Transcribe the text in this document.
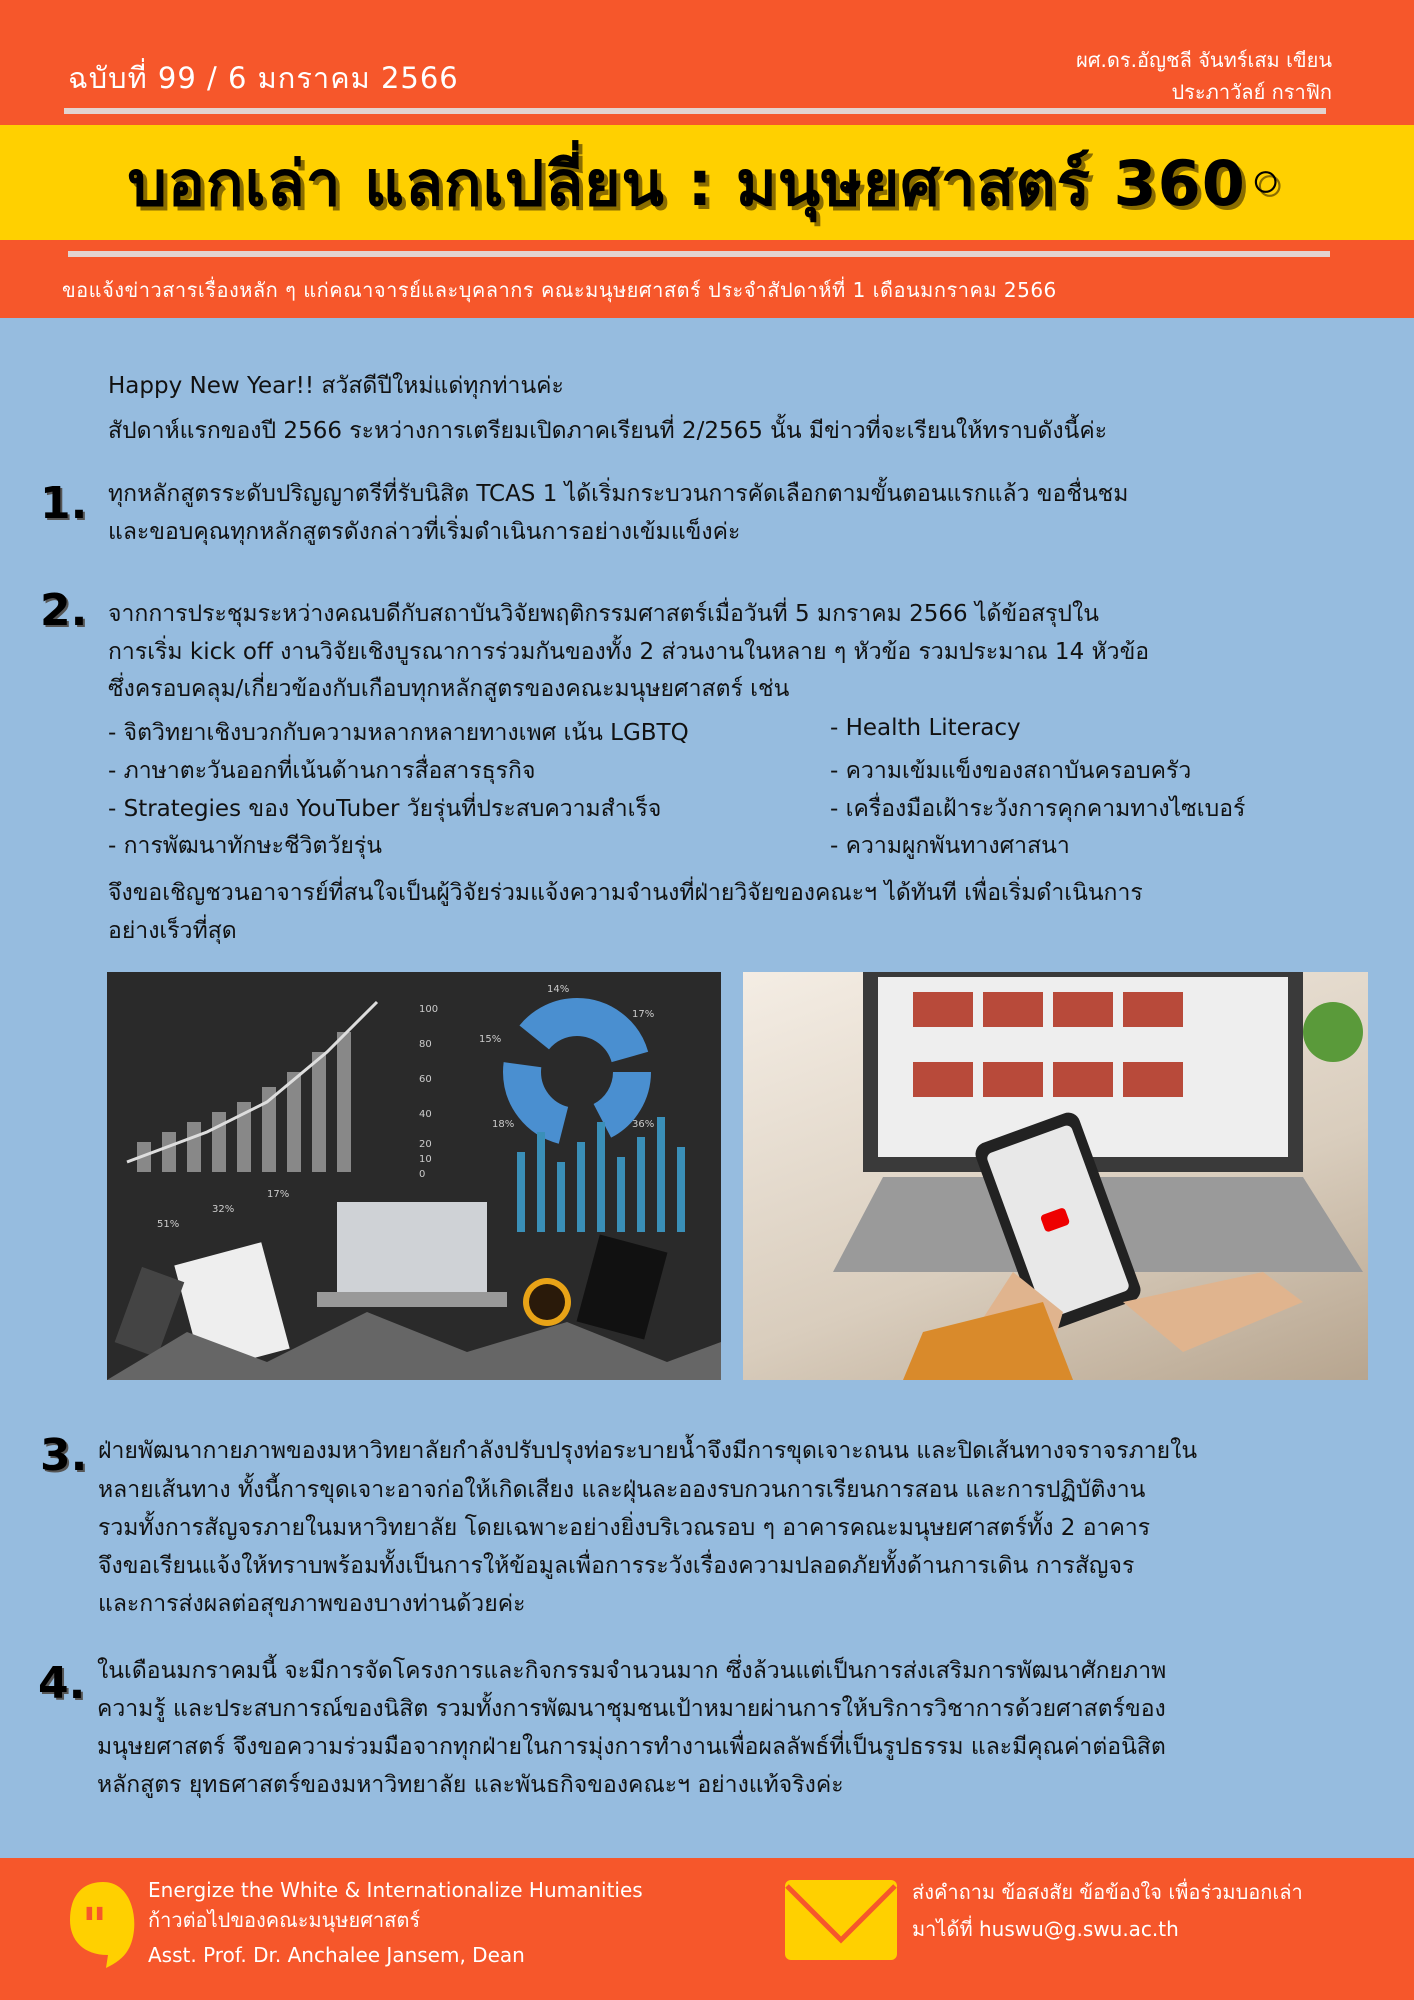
ฉบับที่ 99 / 6 มกราคม 2566
ผศ.ดร.อัญชลี จันทร์เสม เขียน
ประภาวัลย์ กราฟิก
บอกเล่า แลกเปลี่ยน : มนุษยศาสตร์ 360◦
ขอแจ้งข่าวสารเรื่องหลัก ๆ แก่คณาจารย์และบุคลากร คณะมนุษยศาสตร์ ประจำสัปดาห์ที่ 1 เดือนมกราคม 2566
Happy New Year!! สวัสดีปีใหม่แด่ทุกท่านค่ะ
สัปดาห์แรกของปี 2566 ระหว่างการเตรียมเปิดภาคเรียนที่ 2/2565 นั้น มีข่าวที่จะเรียนให้ทราบดังนี้ค่ะ
1. ทุกหลักสูตรระดับปริญญาตรีที่รับนิสิต TCAS 1 ได้เริ่มกระบวนการคัดเลือกตามขั้นตอนแรกแล้ว ขอชื่นชม
และขอบคุณทุกหลักสูตรดังกล่าวที่เริ่มดำเนินการอย่างเข้มแข็งค่ะ
2. จากการประชุมระหว่างคณบดีกับสถาบันวิจัยพฤติกรรมศาสตร์เมื่อวันที่ 5 มกราคม 2566 ได้ข้อสรุปใน
การเริ่ม kick off งานวิจัยเชิงบูรณาการร่วมกันของทั้ง 2 ส่วนงานในหลาย ๆ หัวข้อ รวมประมาณ 14 หัวข้อ
ซึ่งครอบคลุม/เกี่ยวข้องกับเกือบทุกหลักสูตรของคณะมนุษยศาสตร์ เช่น
- จิตวิทยาเชิงบวกกับความหลากหลายทางเพศ เน้น LGBTQ
- ภาษาตะวันออกที่เน้นด้านการสื่อสารธุรกิจ
- Strategies ของ YouTuber วัยรุ่นที่ประสบความสำเร็จ
- การพัฒนาทักษะชีวิตวัยรุ่น
- Health Literacy
- ความเข้มแข็งของสถาบันครอบครัว
- เครื่องมือเฝ้าระวังการคุกคามทางไซเบอร์
- ความผูกพันทางศาสนา
จึงขอเชิญชวนอาจารย์ที่สนใจเป็นผู้วิจัยร่วมแจ้งความจำนงที่ฝ่ายวิจัยของคณะฯ ได้ทันที เพื่อเริ่มดำเนินการ
อย่างเร็วที่สุด
100
80
60
40
20
10
0
14%
17%
15%
18%	36%
17%
32%
51%
3. ฝ่ายพัฒนากายภาพของมหาวิทยาลัยกำลังปรับปรุงท่อระบายน้ำจึงมีการขุดเจาะถนน และปิดเส้นทางจราจรภายใน
หลายเส้นทาง ทั้งนี้การขุดเจาะอาจก่อให้เกิดเสียง และฝุ่นละอองรบกวนการเรียนการสอน และการปฏิบัติงาน
รวมทั้งการสัญจรภายในมหาวิทยาลัย โดยเฉพาะอย่างยิ่งบริเวณรอบ ๆ อาคารคณะมนุษยศาสตร์ทั้ง 2 อาคาร
จึงขอเรียนแจ้งให้ทราบพร้อมทั้งเป็นการให้ข้อมูลเพื่อการระวังเรื่องความปลอดภัยทั้งด้านการเดิน การสัญจร
และการส่งผลต่อสุขภาพของบางท่านด้วยค่ะ
4. ในเดือนมกราคมนี้ จะมีการจัดโครงการและกิจกรรมจำนวนมาก ซึ่งล้วนแต่เป็นการส่งเสริมการพัฒนาศักยภาพ
ความรู้ และประสบการณ์ของนิสิต รวมทั้งการพัฒนาชุมชนเป้าหมายผ่านการให้บริการวิชาการด้วยศาสตร์ของ
มนุษยศาสตร์ จึงขอความร่วมมือจากทุกฝ่ายในการมุ่งการทำงานเพื่อผลลัพธ์ที่เป็นรูปธรรม และมีคุณค่าต่อนิสิต
หลักสูตร ยุทธศาสตร์ของมหาวิทยาลัย และพันธกิจของคณะฯ อย่างแท้จริงค่ะ
"
Energize the White & Internationalize Humanities
ก้าวต่อไปของคณะมนุษยศาสตร์
Asst. Prof. Dr. Anchalee Jansem, Dean
ส่งคำถาม ข้อสงสัย ข้อข้องใจ เพื่อร่วมบอกเล่า
มาได้ที่ huswu@g.swu.ac.th
